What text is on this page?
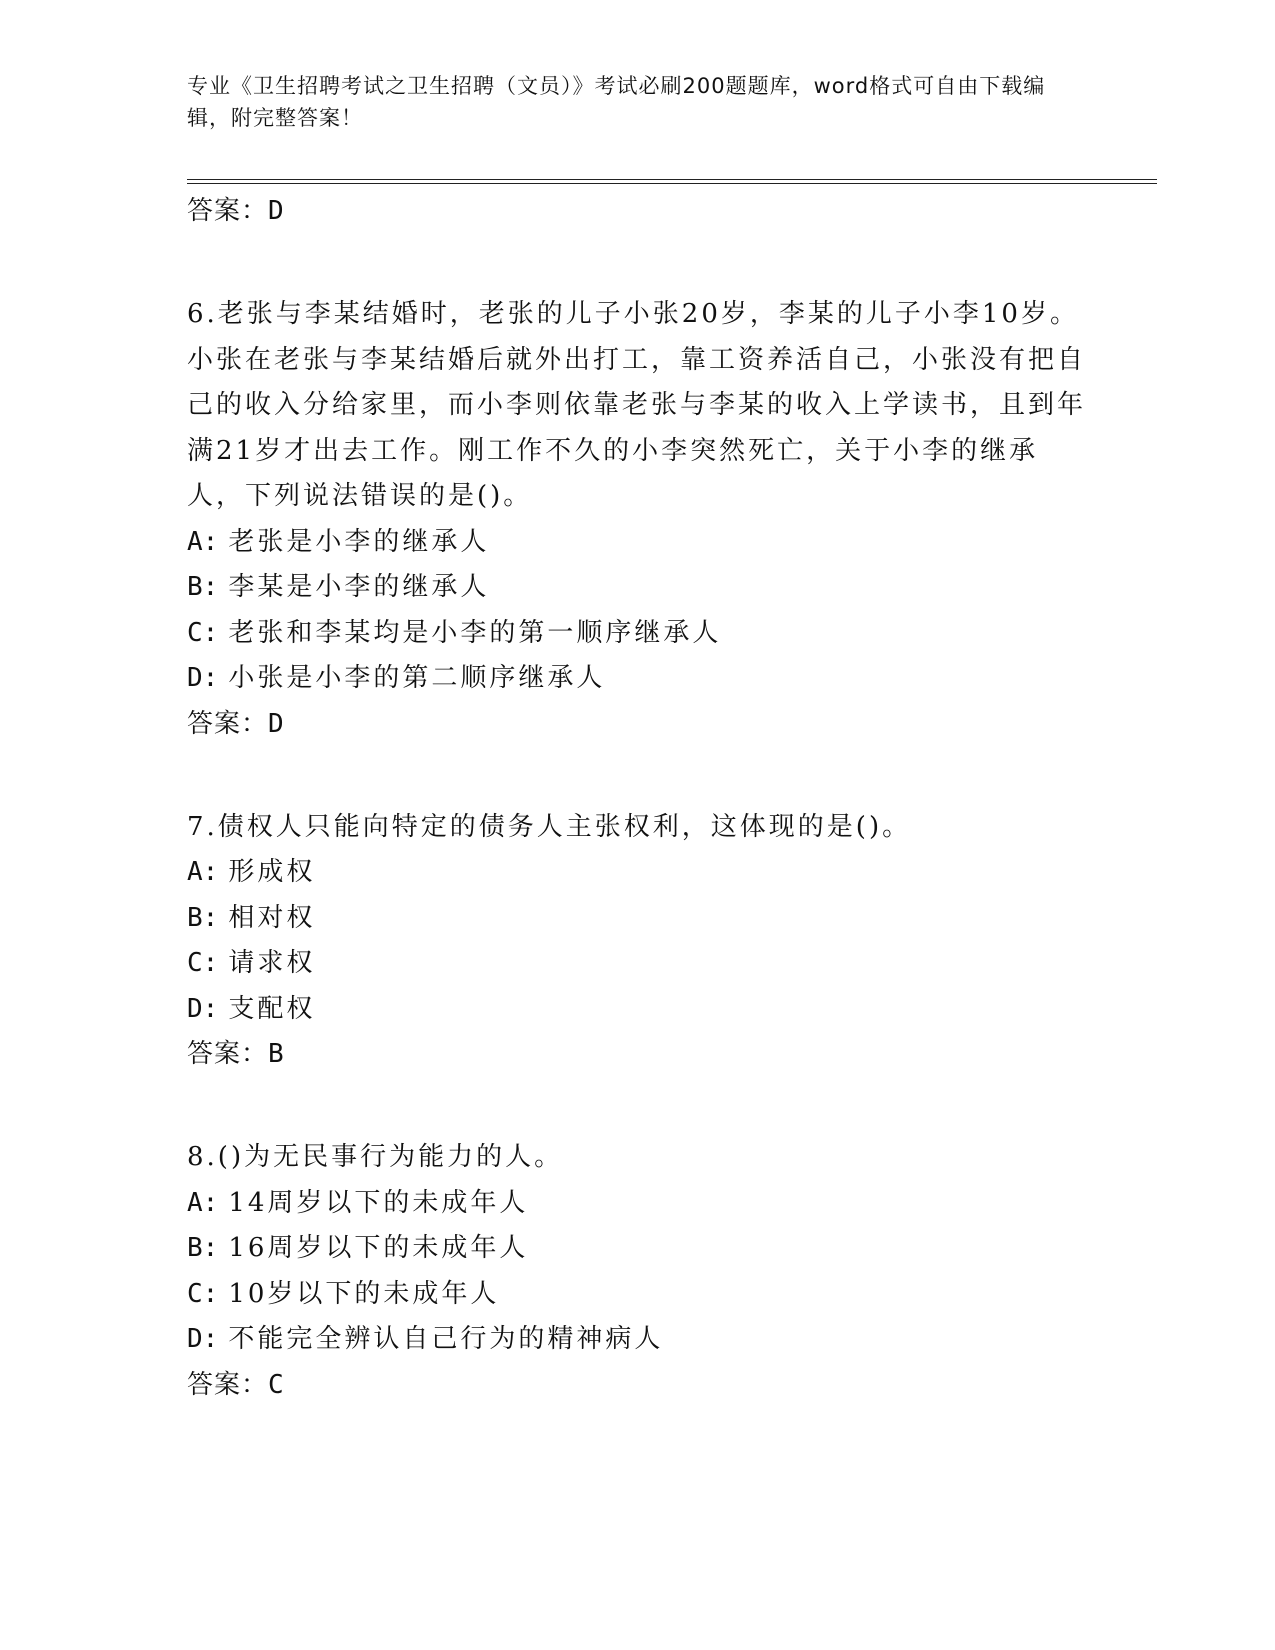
专业《卫生招聘考试之卫生招聘（文员）》考试必刷200题题库，word格式可自由下载编辑，附完整答案！
答案：D
6.老张与李某结婚时，老张的儿子小张20岁，李某的儿子小李10岁。小张在老张与李某结婚后就外出打工，靠工资养活自己，小张没有把自己的收入分给家里，而小李则依靠老张与李某的收入上学读书，且到年满21岁才出去工作。刚工作不久的小李突然死亡，关于小李的继承人，下列说法错误的是()。
A: 老张是小李的继承人
B: 李某是小李的继承人
C: 老张和李某均是小李的第一顺序继承人
D: 小张是小李的第二顺序继承人
答案：D
7.债权人只能向特定的债务人主张权利，这体现的是()。
A: 形成权
B: 相对权
C: 请求权
D: 支配权
答案：B
8.()为无民事行为能力的人。
A: 14周岁以下的未成年人
B: 16周岁以下的未成年人
C: 10岁以下的未成年人
D: 不能完全辨认自己行为的精神病人
答案：C
